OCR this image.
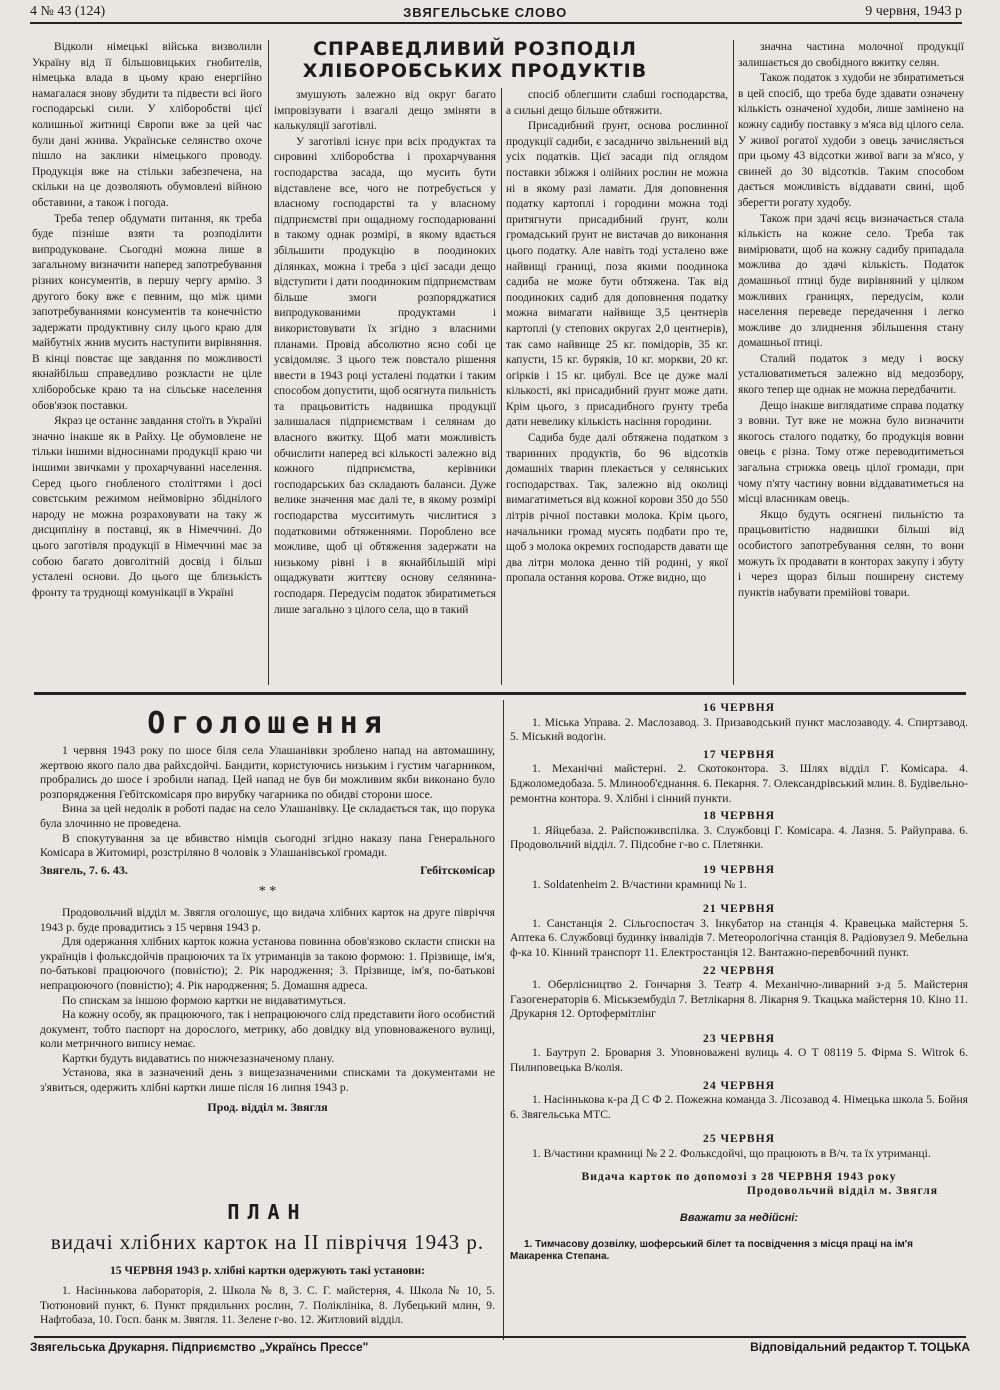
4 № 43 (124)	ЗВЯГЕЛЬСЬКЕ СЛОВО	9 червня, 1943 р

Відколи німецькі війська визволили Україну від її більшовицьких гнобителів, німецька влада в цьому краю енергійно намагалася знову збудити та підвести всі його господарські сили. У хліборобстві цієї колишньої житниці Європи вже за цей час були дані жнива. Українське селянство охоче пішло на заклики німецького проводу. Продукція вже на стільки забезпечена, на скільки на це дозволяють обумовлені війною обставини, а також і погода.

Треба тепер обдумати питання, як треба буде пізніше взяти та розподілити випродуковане. Сьогодні можна лише в загальному визначити наперед запотребування різних консументів, в першу чергу армію. З другого боку вже є певним, що між цими запотребуваннями консументів та конечністю задержати продуктивну силу цього краю для майбутніх жнив мусить наступити вирівняння. В кінці повстає ще завдання по можливості якнайбільш справедливо розкласти не ціле хліборобське краю та на сільське населення обов'язок поставки.

Якраз це останнє завдання стоїть в Україні значно інакше як в Райху. Це обумовлене не тільки іншими відносинами продукції краю чи іншими звичками у прохарчуванні населення. Серед цього гнобленого століттями і досі совєтським режимом неймовірно збіднілого народу не можна розраховувати на таку ж дисципліну в поставці, як в Німеччині. До цього заготівля продукції в Німеччині має за собою багато довголітній досвід і більш усталені основи. До цього ще близькість фронту та труднощі комунікації в Україні

СПРАВЕДЛИВИЙ РОЗПОДІЛ
ХЛІБОРОБСЬКИХ ПРОДУКТІВ

змушують залежно від округ багато імпровізувати і взагалі дещо зміняти в калькуляції заготівлі.

У заготівлі існує при всіх продуктах та сировині хліборобства і прохарчування господарства засада, що мусить бути відставлене все, чого не потребується у власному господарстві та у власному підприємстві при ощадному господарюванні в такому однак розмірі, в якому вдається збільшити продукцію в поодиноких ділянках, можна і треба з цієї засади дещо відступити і дати поодиноким підприємствам більше змоги розпоряджатися випродукованими продуктами і використовувати їх згідно з власними планами. Провід абсолютно ясно собі це усвідомляє. З цього теж повстало рішення ввести в 1943 році усталені податки і таким способом допустити, щоб осягнута пильність та працьовитість надвишка продукції залишалася підприємствам і селянам до власного вжитку. Щоб мати можливість обчислити наперед всі кількості залежно від кожного підприємства, керівники господарських баз складають баланси. Дуже велике значення має далі те, в якому розмірі господарства мусситимуть числитися з податковими обтяженнями. Пороблено все можливе, щоб ці обтяження задержати на низькому рівні і в якнайбільшій мірі ощаджувати життєву основу селянина-господаря. Передусім податок збиратиметься лише загально з цілого села, що в такий

спосіб облегшити слабші господарства, а сильні дещо більше обтяжити.

Присадибний ґрунт, основа рослинної продукції садиби, є засадничо звільнений від усіх податків. Цієї засади під оглядом поставки збіжжя і олійних рослин не можна ні в якому разі ламати. Для доповнення податку картоплі і городини можна тоді притягнути присадибний ґрунт, коли громадський ґрунт не вистачав до виконання цього податку. Але навіть тоді усталено вже найвищі границі, поза якими поодинока садиба не може бути обтяжена. Так від поодиноких садиб для доповнення податку можна вимагати найвище 3,5 центнерів картоплі (у степових округах 2,0 центнерів), так само найвище 25 кг. помідорів, 35 кг. капусти, 15 кг. буряків, 10 кг. моркви, 20 кг. огірків і 15 кг. цибулі. Все це дуже малі кількості, які присадибний ґрунт може дати. Крім цього, з присадибного ґрунту треба дати невелику кількість насіння городини.

Садиба буде далі обтяжена податком з тваринних продуктів, бо 96 відсотків домашніх тварин плекається у селянських господарствах. Так, залежно від околиці вимагатиметься від кожної корови 350 до 550 літрів річної поставки молока. Крім цього, начальники громад мусять подбати про те, щоб з молока окремих господарств давати ще два літри молока денно тій родині, у якої пропала остання корова. Отже видно, що

значна частина молочної продукції залишається до свобідного вжитку селян.

Також податок з худоби не збиратиметься в цей спосіб, що треба буде здавати означену кількість означеної худоби, лише замінено на кожну садибу поставку з м'яса від цілого села. У живої рогатої худоби з овець зачисляється при цьому 43 відсотки живої ваги за м'ясо, у свиней до 30 відсотків. Таким способом дається можливість віддавати свині, щоб зберегти рогату худобу.

Також при здачі яєць визначається стала кількість на кожне село. Треба так вимірювати, щоб на кожну садибу припадала можлива до здачі кількість. Податок домашньої птиці буде вирівняний у цілком можливих границях, передусім, коли населення переведе передачення і легко можливе до злиднення збільшення стану домашньої птиці.

Сталий податок з меду і воску усталюватиметься залежно від медозбору, якого тепер ще однак не можна передбачити.

Дещо інакше виглядатиме справа податку з вовни. Тут вже не можна було визначити якогось сталого податку, бо продукція вовни овець є різна. Тому отже переводитиметься загальна стрижка овець цілої громади, при чому п'яту частину вовни віддаватиметься на місці власникам овець.

Якщо будуть осягнені пильністю та працьовитістю надвишки більші від особистого запотребування селян, то вони можуть їх продавати в конторах закупу і збуту і через щораз більш поширену систему пунктів набувати премійові товари.

Оголошення

1 червня 1943 року по шосе біля села Улашанівки зроблено напад на автомашину, жертвою якого пало два райхсдойчі. Бандити, користуючись низьким і густим чагарником, пробрались до шосе і зробили напад. Цей напад не був би можливим якби виконано було розпорядження Гебітскомісаря про вирубку чагарника по обидві сторони шосе.

Вина за цей недолік в роботі падає на село Улашанівку. Це складається так, що порука була злочинно не проведена.

В спокутування за це вбивство німців сьогодні згідно наказу пана Генерального Комісара в Житомирі, розстріляно 8 чоловік з Улашанівської громади.

Звягель, 7. 6. 43.	Гебітскомісар
* *

Продовольчий відділ м. Звягля оголошує, що видача хлібних карток на друге півріччя 1943 р. буде провадитись з 15 червня 1943 р.

Для одержання хлібних карток кожна установа повинна обов'язково скласти списки на українців і фольксдойчів працюючих та їх утриманців за такою формою: 1. Прізвище, ім'я, по-батькові працюючого (повністю); 2. Рік народження; 3. Прізвище, ім'я, по-батькові непрацюючого (повністю); 4. Рік народження; 5. Домашня адреса.

По спискам за іншою формою картки не видаватимуться.

На кожну особу, як працюючого, так і непрацюючого слід представити його особистий документ, тобто паспорт на дорослого, метрику, або довідку від уповноваженого вулиці, коли метричного випису немає.

Картки будуть видаватись по нижчезазначеному плану.

Установа, яка в зазначений день з вищезазначеними списками та документами не з'явиться, одержить хлібні картки лише після 16 липня 1943 р.

Прод. відділ м. Звягля
ПЛАН
видачі хлібних карток на II півріччя 1943 р.
15 ЧЕРВНЯ 1943 р. хлібні картки одержують такі установи:

1. Насіннькова лабораторія, 2. Школа № 8, 3. С. Г. майстерня, 4. Школа № 10, 5. Тютюновий пункт, 6. Пункт прядильних рослин, 7. Поліклініка, 8. Лубецький млин, 9. Нафтобаза, 10. Госп. банк м. Звягля. 11. Зелене г-во. 12. Житловий відділ.

16 ЧЕРВНЯ

1. Міська Управа. 2. Маслозавод. 3. Призаводський пункт маслозаводу. 4. Спиртзавод. 5. Міський водогін.

17 ЧЕРВНЯ

1. Механічні майстерні. 2. Скотоконтора. 3. Шлях відділ Г. Комісара. 4. Бджоломедобаза. 5. Млинооб'єднання. 6. Пекарня. 7. Олександрівський млин. 8. Будівельно-ремонтна контора. 9. Хлібні і сінний пункти.

18 ЧЕРВНЯ

1. Яйцебаза. 2. Райспоживспілка. 3. Службовці Г. Комісара. 4. Лазня. 5. Райуправа. 6. Продовольчий відділ. 7. Підсобне г-во с. Плетянки.

19 ЧЕРВНЯ

1. Soldatenheim 2. В/частини крамниці № 1.

21 ЧЕРВНЯ

1. Санстанція 2. Сільгоспостач 3. Інкубатор на станція 4. Кравецька майстерня 5. Аптека 6. Службовці будинку інвалідів 7. Метеорологічна станція 8. Радіовузел 9. Мебельна ф-ка 10. Кінний транспорт 11. Електростанція 12. Вантажно-перевбочний пункт.

22 ЧЕРВНЯ

1. Оберлісництво 2. Гончарня 3. Театр 4. Механічно-ливарний з-д 5. Майстерня Газогенераторів 6. Міськзембуділ 7. Ветлікарня 8. Лікарня 9. Ткацька майстерня 10. Кіно 11. Друкарня 12. Ортофермітлінг

23 ЧЕРВНЯ

1. Баутруп 2. Броварня 3. Уповноважені вулиць 4. О Т 08119 5. Фірма S. Witrok 6. Пилиповецька В/колія.

24 ЧЕРВНЯ

1. Насіннькова к-ра Д С Ф 2. Пожежна команда 3. Лісозавод 4. Німецька школа 5. Бойня 6. Звягельська МТС.

25 ЧЕРВНЯ

1. В/частини крамниці № 2 2. Фольксдойчі, що працюють в В/ч. та їх утриманці.

Видача карток по допомозі з 28 ЧЕРВНЯ 1943 року
Продовольчий відділ м. Звягля
Вважати за недійсні:

1. Тимчасову дозвілку, шоферський білет та посвідчення з місця праці на ім'я Макаренка Степана.

Звягельська Друкарня. Підприємство „Українсь Прессе"	Відповідальний редактор Т. ТОЦЬКА
